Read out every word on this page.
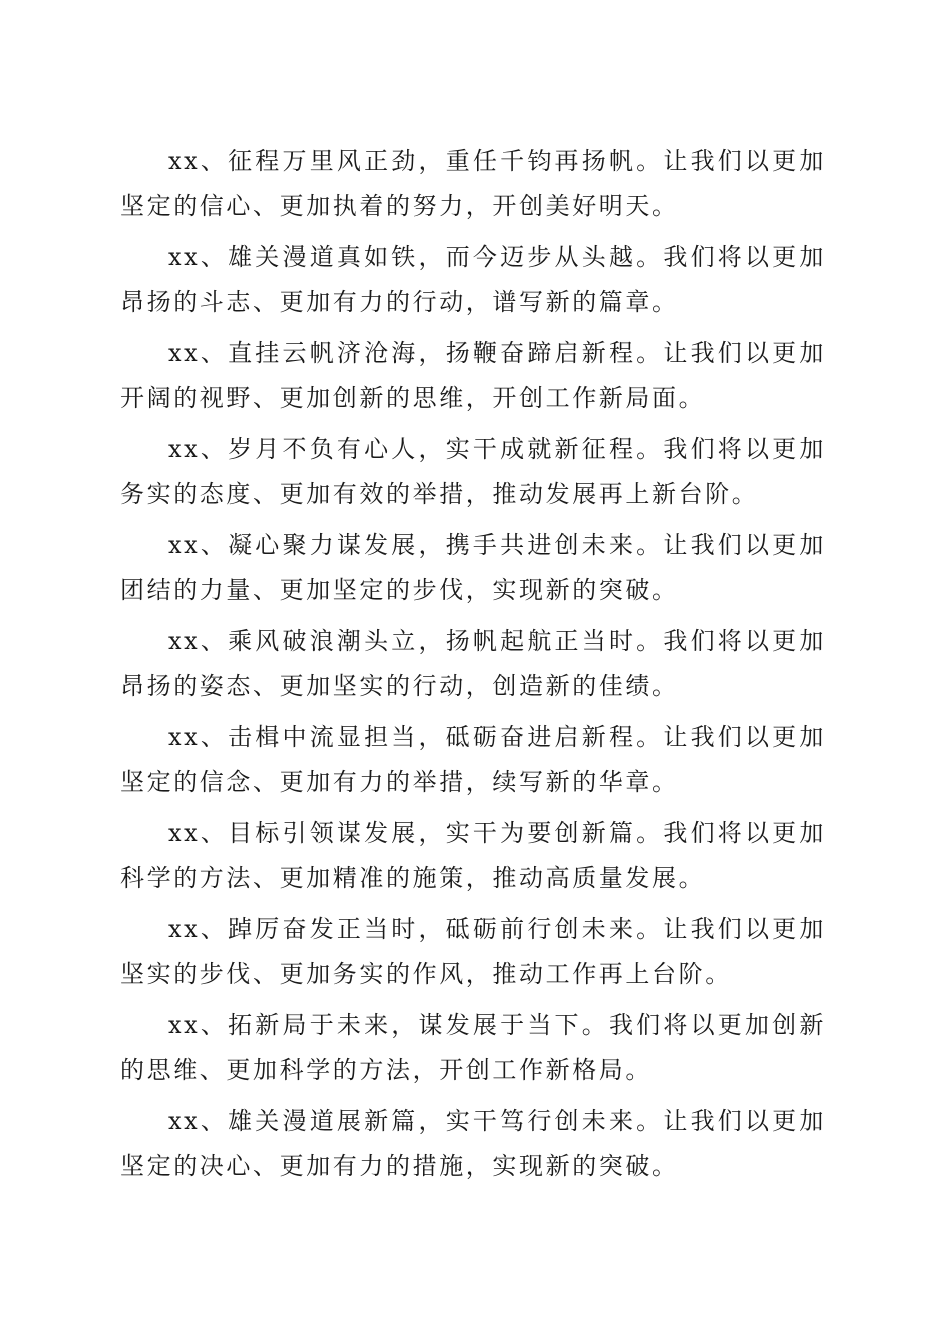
xx、征程万里风正劲，重任千钧再扬帆。让我们以更加坚定的信心、更加执着的努力，开创美好明天。

xx、雄关漫道真如铁，而今迈步从头越。我们将以更加昂扬的斗志、更加有力的行动，谱写新的篇章。

xx、直挂云帆济沧海，扬鞭奋蹄启新程。让我们以更加开阔的视野、更加创新的思维，开创工作新局面。

xx、岁月不负有心人，实干成就新征程。我们将以更加务实的态度、更加有效的举措，推动发展再上新台阶。

xx、凝心聚力谋发展，携手共进创未来。让我们以更加团结的力量、更加坚定的步伐，实现新的突破。

xx、乘风破浪潮头立，扬帆起航正当时。我们将以更加昂扬的姿态、更加坚实的行动，创造新的佳绩。

xx、击楫中流显担当，砥砺奋进启新程。让我们以更加坚定的信念、更加有力的举措，续写新的华章。

xx、目标引领谋发展，实干为要创新篇。我们将以更加科学的方法、更加精准的施策，推动高质量发展。

xx、踔厉奋发正当时，砥砺前行创未来。让我们以更加坚实的步伐、更加务实的作风，推动工作再上台阶。

xx、拓新局于未来，谋发展于当下。我们将以更加创新的思维、更加科学的方法，开创工作新格局。

xx、雄关漫道展新篇，实干笃行创未来。让我们以更加坚定的决心、更加有力的措施，实现新的突破。
